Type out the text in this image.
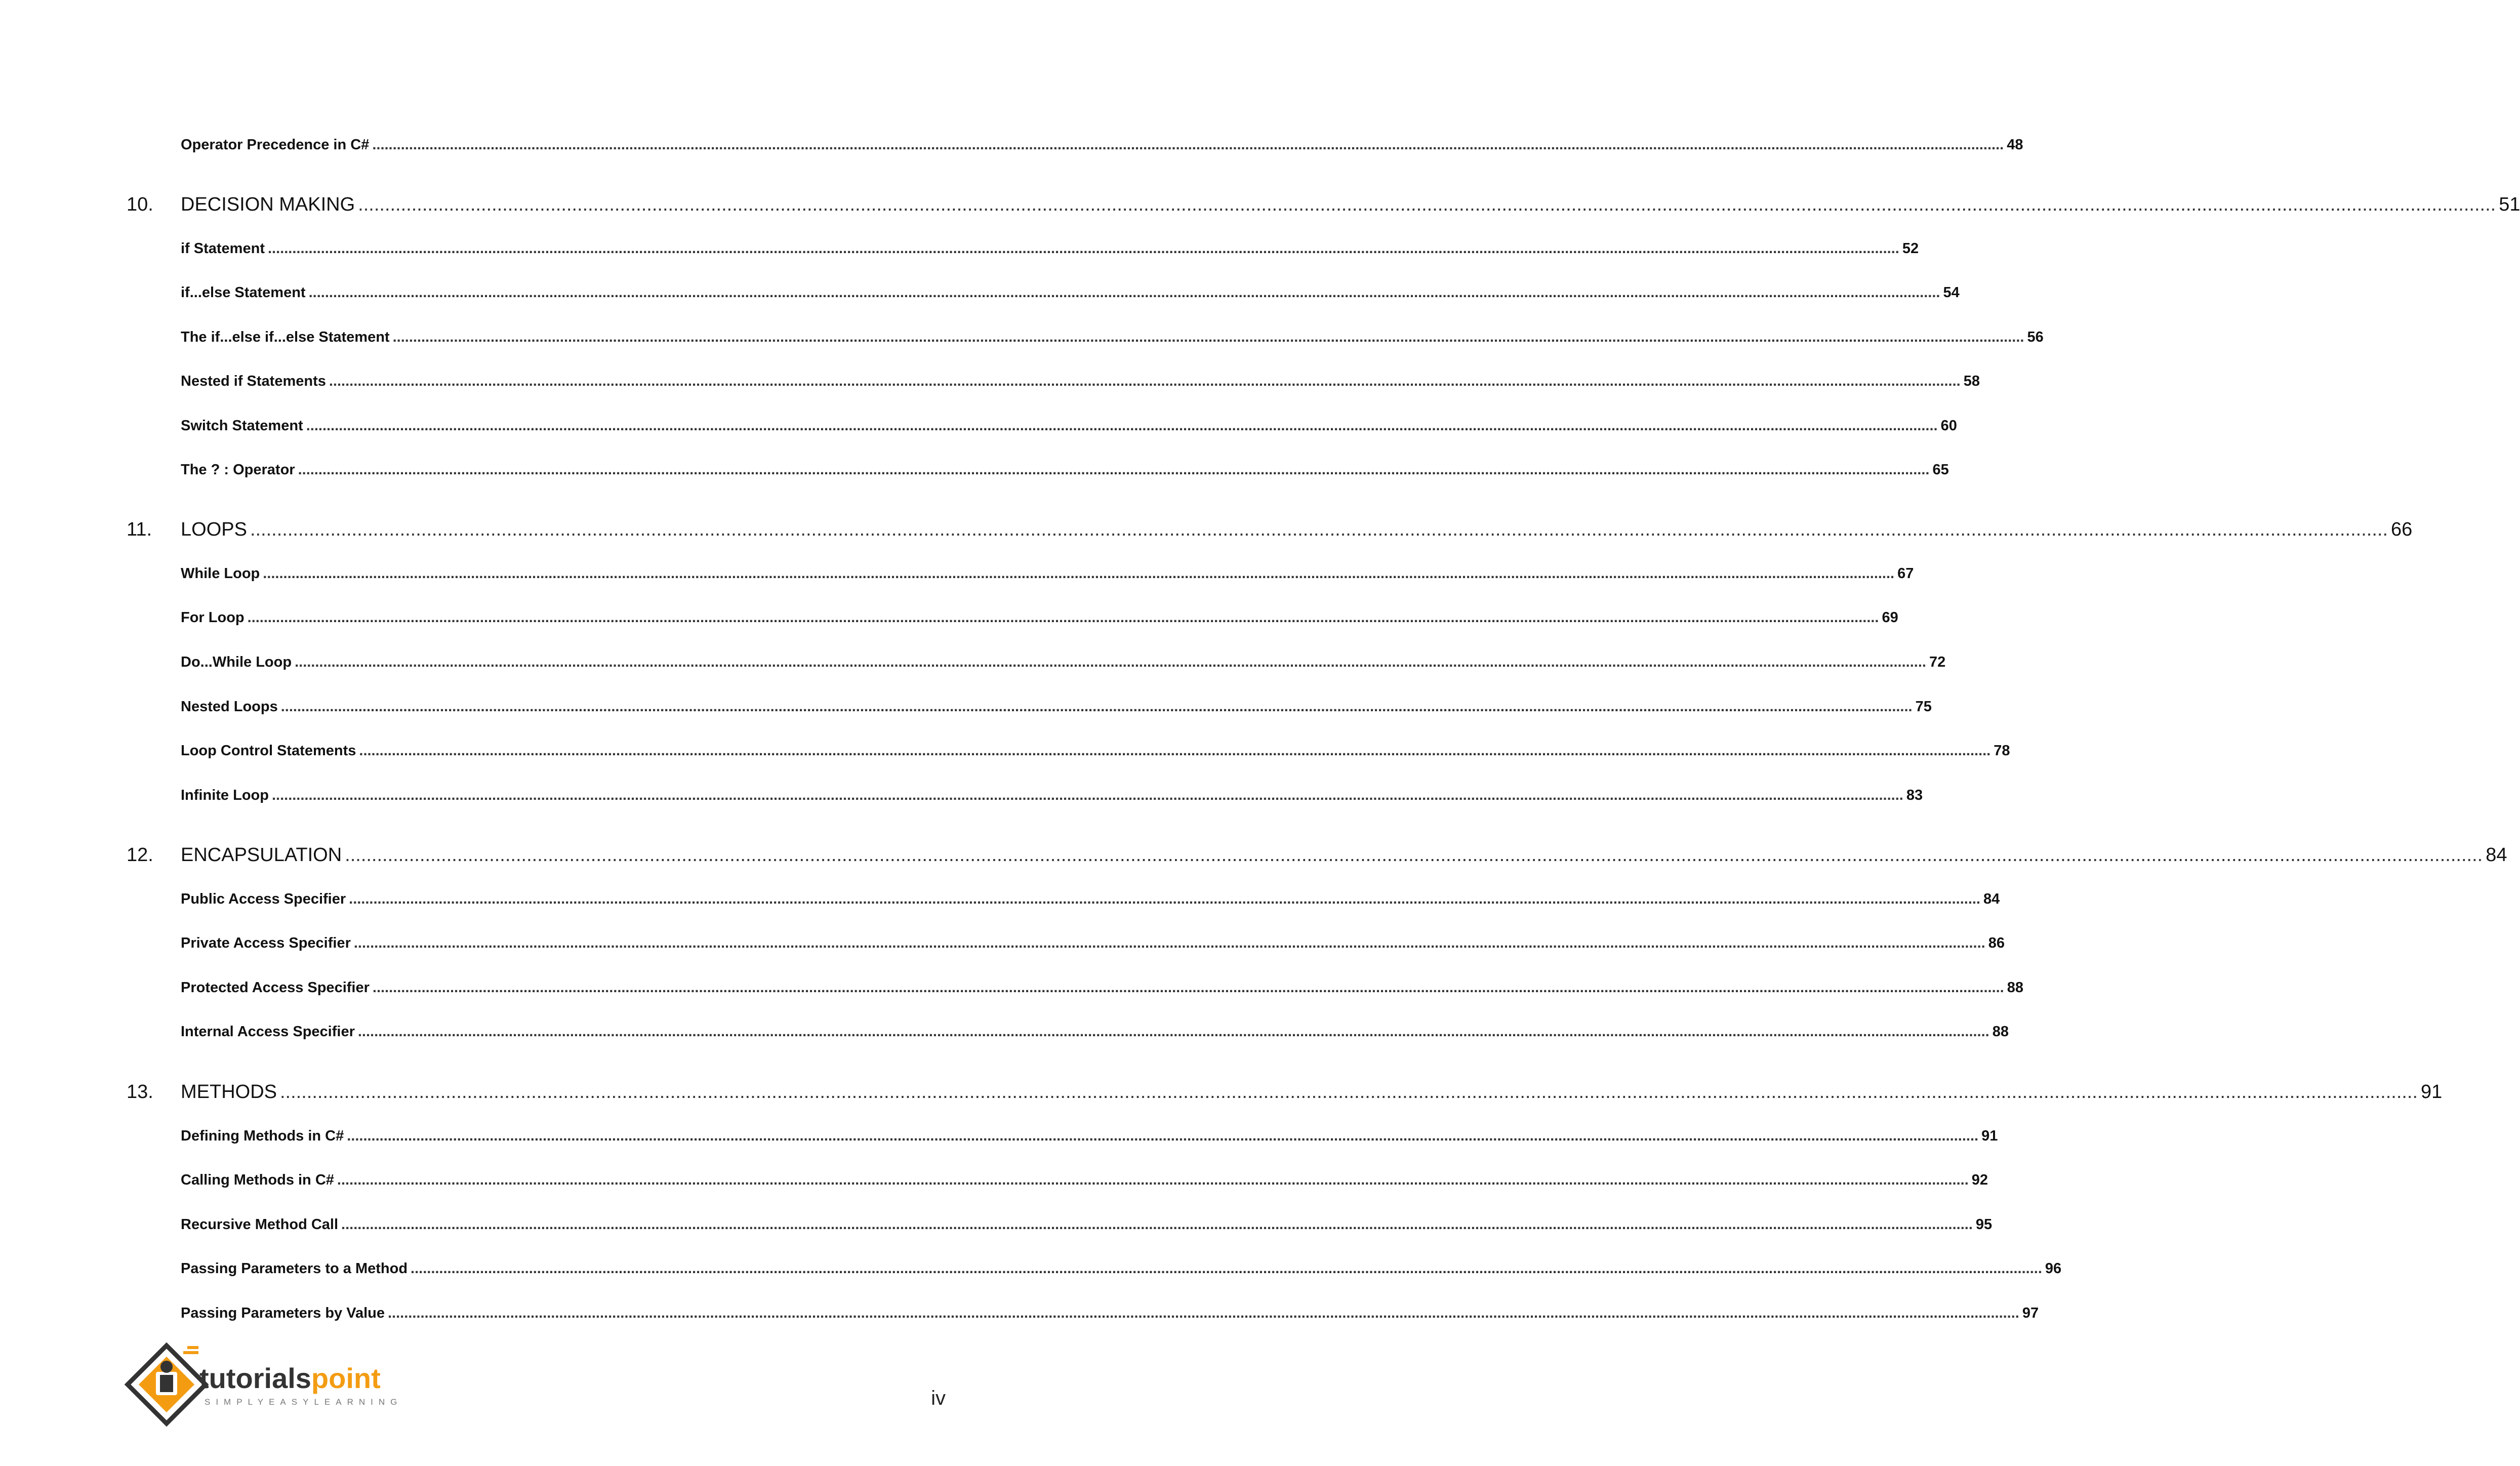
Operator Precedence in C# ................................................................................................................................................................................................................................................................................................................................................................................................................ 48
10. DECISION MAKING ................................................................................................................................................................................................................................................................................................................................................................................................................ 51
if Statement ................................................................................................................................................................................................................................................................................................................................................................................................................ 52
if...else Statement ................................................................................................................................................................................................................................................................................................................................................................................................................ 54
The if...else if...else Statement ................................................................................................................................................................................................................................................................................................................................................................................................................ 56
Nested if Statements ................................................................................................................................................................................................................................................................................................................................................................................................................ 58
Switch Statement ................................................................................................................................................................................................................................................................................................................................................................................................................ 60
The ? : Operator ................................................................................................................................................................................................................................................................................................................................................................................................................ 65
11. LOOPS ................................................................................................................................................................................................................................................................................................................................................................................................................ 66
While Loop ................................................................................................................................................................................................................................................................................................................................................................................................................ 67
For Loop ................................................................................................................................................................................................................................................................................................................................................................................................................ 69
Do...While Loop ................................................................................................................................................................................................................................................................................................................................................................................................................ 72
Nested Loops ................................................................................................................................................................................................................................................................................................................................................................................................................ 75
Loop Control Statements ................................................................................................................................................................................................................................................................................................................................................................................................................ 78
Infinite Loop ................................................................................................................................................................................................................................................................................................................................................................................................................ 83
12. ENCAPSULATION ................................................................................................................................................................................................................................................................................................................................................................................................................ 84
Public Access Specifier ................................................................................................................................................................................................................................................................................................................................................................................................................ 84
Private Access Specifier ................................................................................................................................................................................................................................................................................................................................................................................................................ 86
Protected Access Specifier ................................................................................................................................................................................................................................................................................................................................................................................................................ 88
Internal Access Specifier ................................................................................................................................................................................................................................................................................................................................................................................................................ 88
13. METHODS ................................................................................................................................................................................................................................................................................................................................................................................................................ 91
Defining Methods in C# ................................................................................................................................................................................................................................................................................................................................................................................................................ 91
Calling Methods in C# ................................................................................................................................................................................................................................................................................................................................................................................................................ 92
Recursive Method Call ................................................................................................................................................................................................................................................................................................................................................................................................................ 95
Passing Parameters to a Method ................................................................................................................................................................................................................................................................................................................................................................................................................ 96
Passing Parameters by Value ................................................................................................................................................................................................................................................................................................................................................................................................................ 97
tutorialspoint
SIMPLYEASYLEARNING	iv
